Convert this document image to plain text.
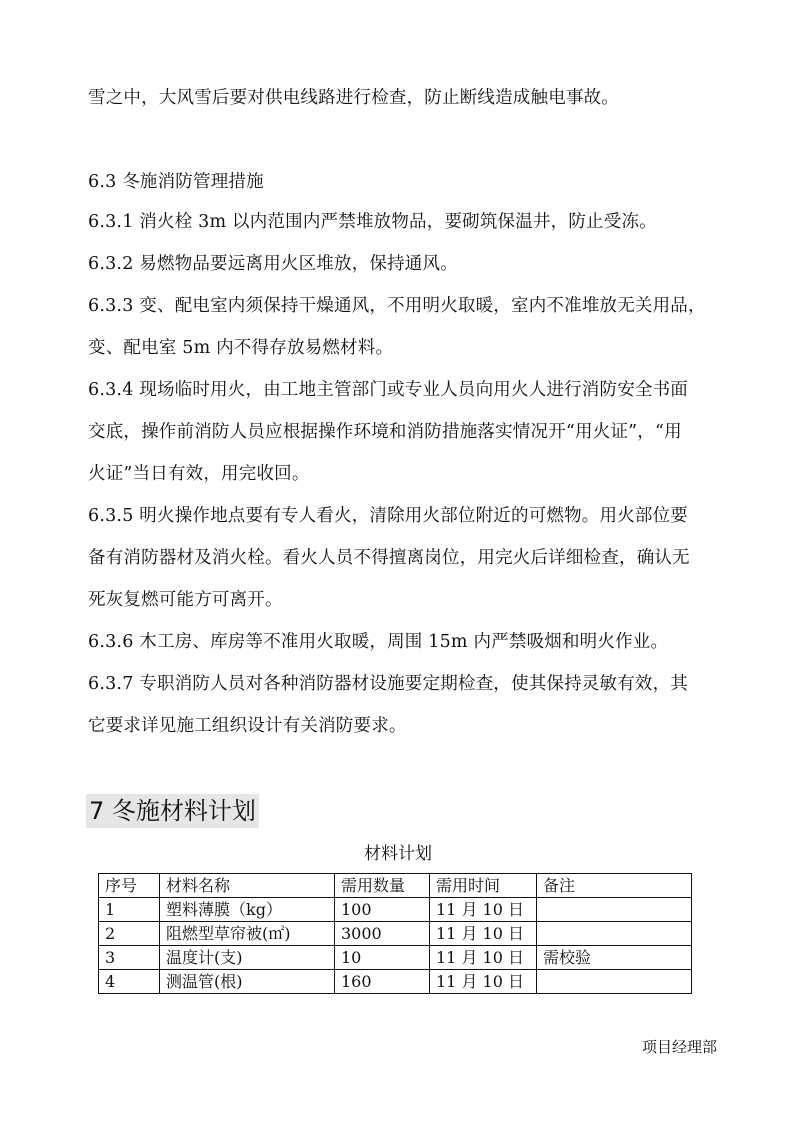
雪之中，大风雪后要对供电线路进行检查，防止断线造成触电事故。
6.3 冬施消防管理措施
6.3.1 消火栓 3m 以内范围内严禁堆放物品，要砌筑保温井，防止受冻。
6.3.2 易燃物品要远离用火区堆放，保持通风。
6.3.3 变、配电室内须保持干燥通风，不用明火取暖，室内不准堆放无关用品，
变、配电室 5m 内不得存放易燃材料。
6.3.4 现场临时用火，由工地主管部门或专业人员向用火人进行消防安全书面
交底，操作前消防人员应根据操作环境和消防措施落实情况开“用火证”，“用
火证”当日有效，用完收回。
6.3.5 明火操作地点要有专人看火，清除用火部位附近的可燃物。用火部位要
备有消防器材及消火栓。看火人员不得擅离岗位，用完火后详细检查，确认无
死灰复燃可能方可离开。
6.3.6 木工房、库房等不准用火取暖，周围 15m 内严禁吸烟和明火作业。
6.3.7 专职消防人员对各种消防器材设施要定期检查，使其保持灵敏有效，其
它要求详见施工组织设计有关消防要求。
7 冬施材料计划
材料计划
序号	材料名称	需用数量	需用时间	备注
1	塑料薄膜（kg）	100	11 月 10 日	
2	阻燃型草帘被(㎡)	3000	11 月 10 日	
3	温度计(支)	10	11 月 10 日	需校验
4	测温管(根)	160	11 月 10 日	
项目经理部
